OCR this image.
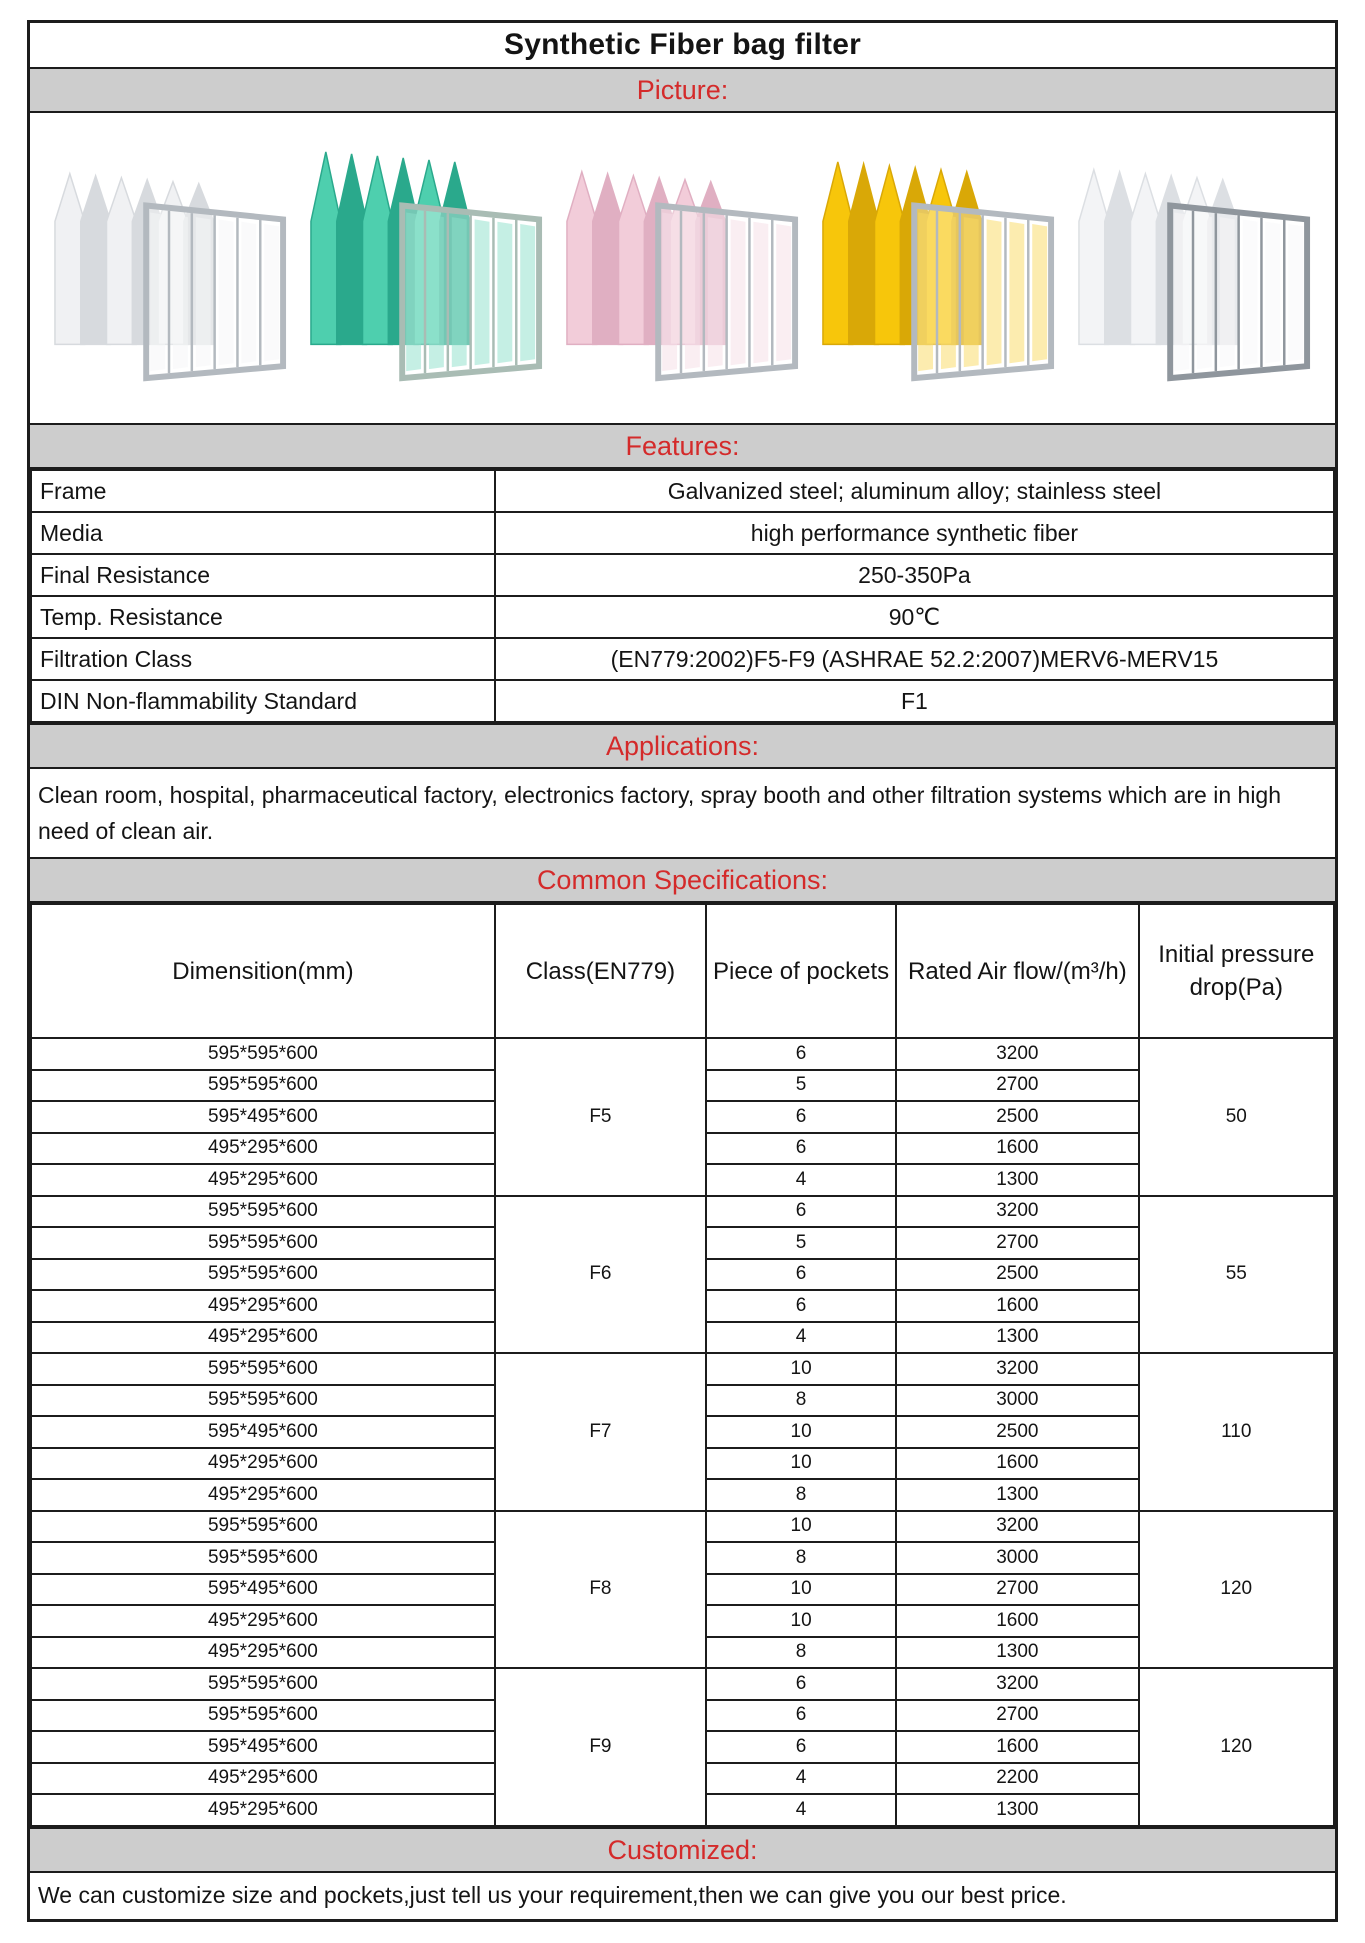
Synthetic Fiber bag filter
Picture:
Features:
Frame	Galvanized steel; aluminum alloy; stainless steel
Media	high performance synthetic fiber
Final Resistance	250-350Pa
Temp. Resistance	90℃
Filtration Class	(EN779:2002)F5-F9 (ASHRAE 52.2:2007)MERV6-MERV15
DIN Non-flammability Standard	F1
Applications:
Clean room, hospital, pharmaceutical factory, electronics factory, spray booth and other filtration systems which are in high need of clean air.
Common Specifications:
Dimensition(mm)	Class(EN779)	Piece of pockets	Rated Air flow/(m³/h)	Initial pressure drop(Pa)
595*595*600	F5	6	3200	50
595*595*600		5	2700	
595*495*600		6	2500	
495*295*600		6	1600	
495*295*600		4	1300	
595*595*600	F6	6	3200	55
595*595*600		5	2700	
595*595*600		6	2500	
495*295*600		6	1600	
495*295*600		4	1300	
595*595*600	F7	10	3200	110
595*595*600		8	3000	
595*495*600		10	2500	
495*295*600		10	1600	
495*295*600		8	1300	
595*595*600	F8	10	3200	120
595*595*600		8	3000	
595*495*600		10	2700	
495*295*600		10	1600	
495*295*600		8	1300	
595*595*600	F9	6	3200	120
595*595*600		6	2700	
595*495*600		6	1600	
495*295*600		4	2200	
495*295*600		4	1300	
Customized:
We can customize size and pockets,just tell us your requirement,then we can give you our best price.
